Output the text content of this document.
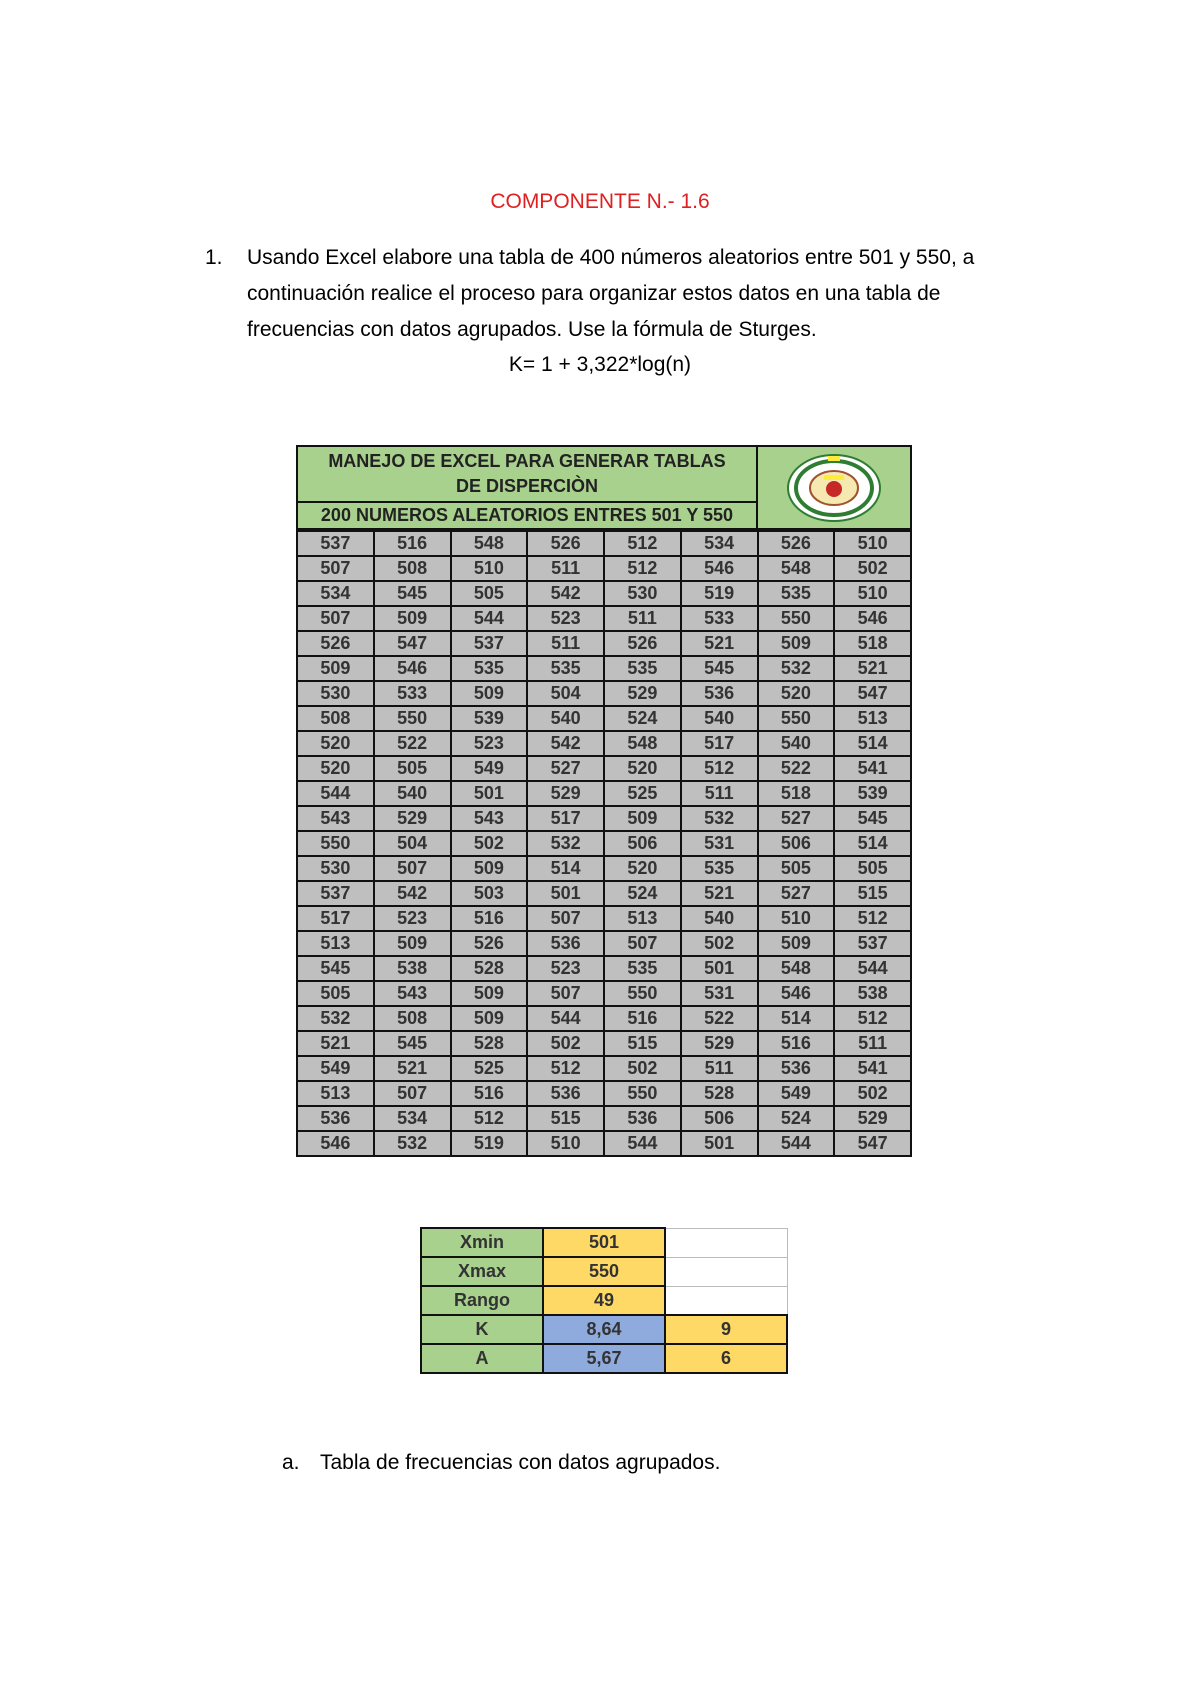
COMPONENTE N.- 1.6
1. Usando Excel elabore una tabla de 400 números aleatorios entre 501 y 550, a continuación realice el proceso para organizar estos datos en una tabla de frecuencias con datos agrupados. Use la fórmula de Sturges.
K= 1 + 3,322*log(n)
MANEJO DE EXCEL PARA GENERAR TABLAS
DE DISPERCIÒN
200 NUMEROS ALEATORIOS ENTRES 501 Y 550
537	516	548	526	512	534	526	510
507	508	510	511	512	546	548	502
534	545	505	542	530	519	535	510
507	509	544	523	511	533	550	546
526	547	537	511	526	521	509	518
509	546	535	535	535	545	532	521
530	533	509	504	529	536	520	547
508	550	539	540	524	540	550	513
520	522	523	542	548	517	540	514
520	505	549	527	520	512	522	541
544	540	501	529	525	511	518	539
543	529	543	517	509	532	527	545
550	504	502	532	506	531	506	514
530	507	509	514	520	535	505	505
537	542	503	501	524	521	527	515
517	523	516	507	513	540	510	512
513	509	526	536	507	502	509	537
545	538	528	523	535	501	548	544
505	543	509	507	550	531	546	538
532	508	509	544	516	522	514	512
521	545	528	502	515	529	516	511
549	521	525	512	502	511	536	541
513	507	516	536	550	528	549	502
536	534	512	515	536	506	524	529
546	532	519	510	544	501	544	547
Xmin	501	
Xmax	550	
Rango	49	
K	8,64	9
A	5,67	6
a. Tabla de frecuencias con datos agrupados.
